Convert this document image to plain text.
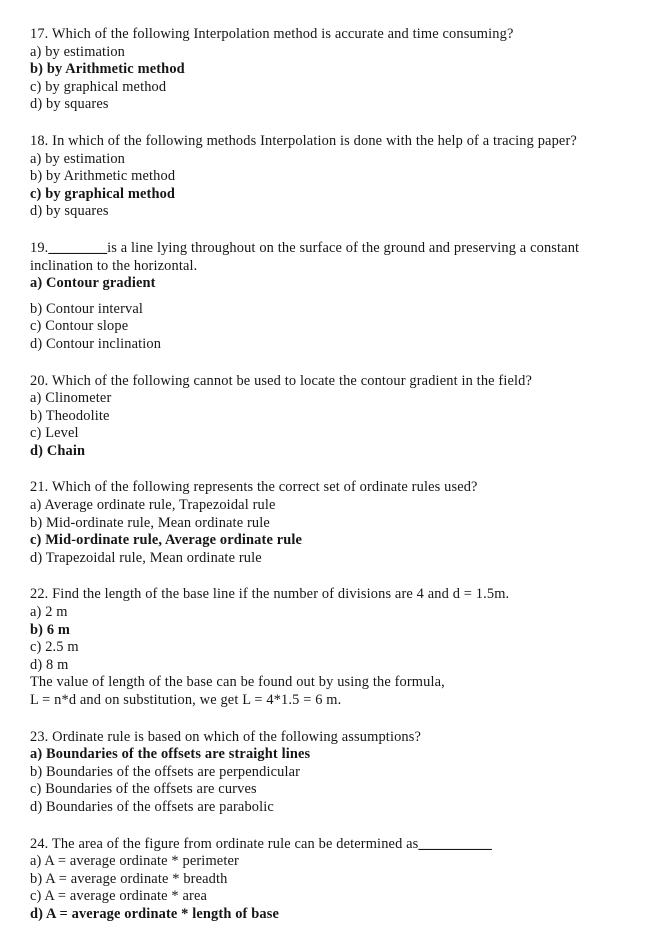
17. Which of the following Interpolation method is accurate and time consuming?
a) by estimation
b) by Arithmetic method
c) by graphical method
d) by squares
18. In which of the following methods Interpolation is done with the help of a tracing paper?
a) by estimation
b) by Arithmetic method
c) by graphical method
d) by squares
19.________is a line lying throughout on the surface of the ground and preserving a constant inclination to the horizontal.
a) Contour gradient
b) Contour interval
c) Contour slope
d) Contour inclination
20. Which of the following cannot be used to locate the contour gradient in the field?
a) Clinometer
b) Theodolite
c) Level
d) Chain
21. Which of the following represents the correct set of ordinate rules used?
a) Average ordinate rule, Trapezoidal rule
b) Mid-ordinate rule, Mean ordinate rule
c) Mid-ordinate rule, Average ordinate rule
d) Trapezoidal rule, Mean ordinate rule
22. Find the length of the base line if the number of divisions are 4 and d = 1.5m.
a) 2 m
b) 6 m
c) 2.5 m
d) 8 m
The value of length of the base can be found out by using the formula,
L = n*d and on substitution, we get L = 4*1.5 = 6 m.
23. Ordinate rule is based on which of the following assumptions?
a) Boundaries of the offsets are straight lines
b) Boundaries of the offsets are perpendicular
c) Boundaries of the offsets are curves
d) Boundaries of the offsets are parabolic
24. The area of the figure from ordinate rule can be determined as__________
a) A = average ordinate * perimeter
b) A = average ordinate * breadth
c) A = average ordinate * area
d) A = average ordinate * length of base
